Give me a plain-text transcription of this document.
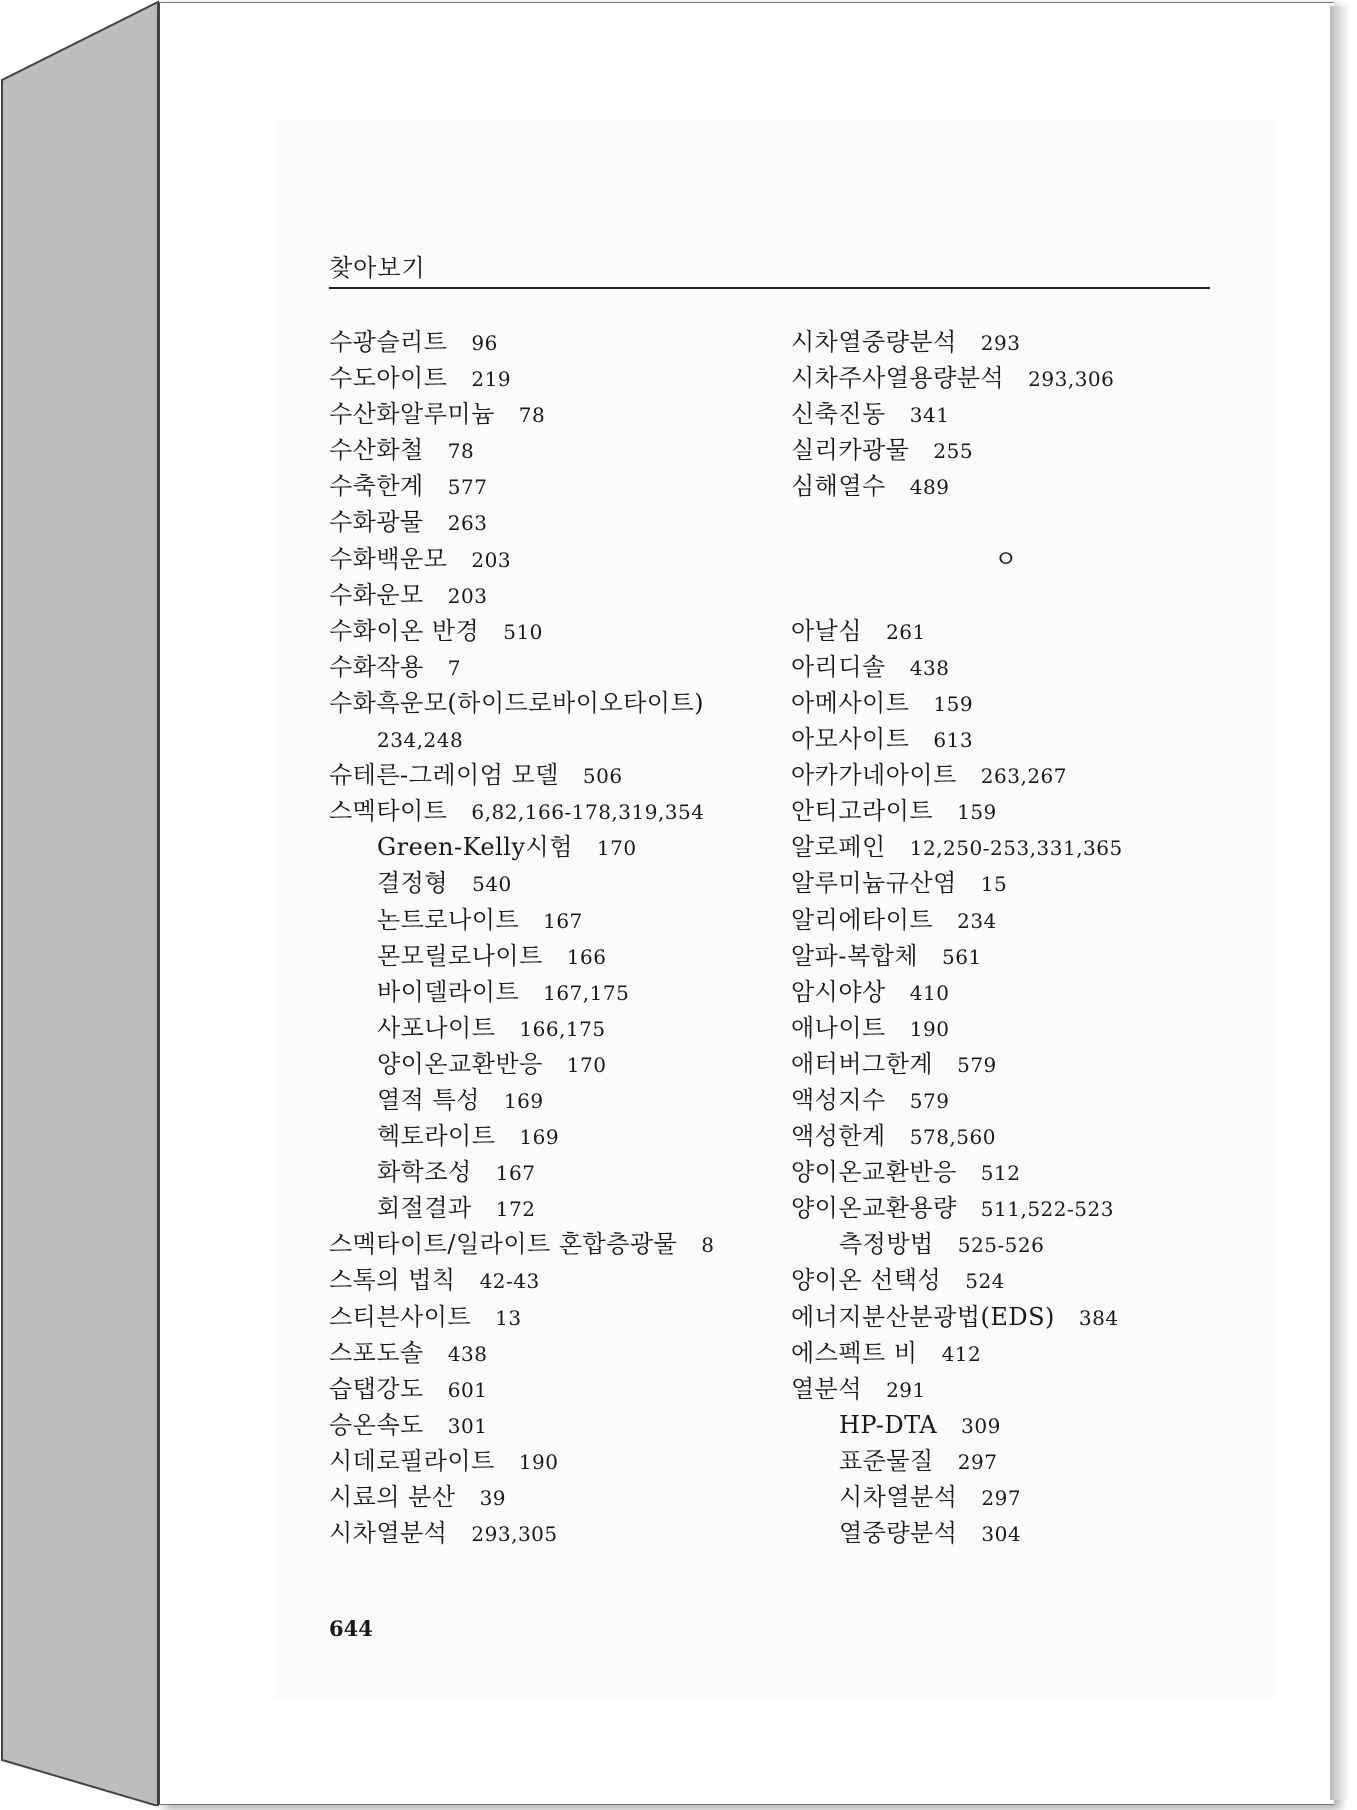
찾아보기
수광슬리트 96
수도아이트 219
수산화알루미늄 78
수산화철 78
수축한계 577
수화광물 263
수화백운모 203
수화운모 203
수화이온 반경 510
수화작용 7
수화흑운모(하이드로바이오타이트)
234,248
슈테른-그레이엄 모델 506
스멕타이트 6,82,166-178,319,354
Green-Kelly시험 170
결정형 540
논트로나이트 167
몬모릴로나이트 166
바이델라이트 167,175
사포나이트 166,175
양이온교환반응 170
열적 특성 169
헥토라이트 169
화학조성 167
회절결과 172
스멕타이트/일라이트 혼합층광물 8
스톡의 법칙 42-43
스티븐사이트 13
스포도솔 438
습탭강도 601
승온속도 301
시데로필라이트 190
시료의 분산 39
시차열분석 293,305
시차열중량분석 293
시차주사열용량분석 293,306
신축진동 341
실리카광물 255
심해열수 489
ㅇ
아날심 261
아리디솔 438
아메사이트 159
아모사이트 613
아카가네아이트 263,267
안티고라이트 159
알로페인 12,250-253,331,365
알루미늄규산염 15
알리에타이트 234
알파-복합체 561
암시야상 410
애나이트 190
애터버그한계 579
액성지수 579
액성한계 578,560
양이온교환반응 512
양이온교환용량 511,522-523
측정방법 525-526
양이온 선택성 524
에너지분산분광법(EDS) 384
에스펙트 비 412
열분석 291
HP-DTA 309
표준물질 297
시차열분석 297
열중량분석 304
644
